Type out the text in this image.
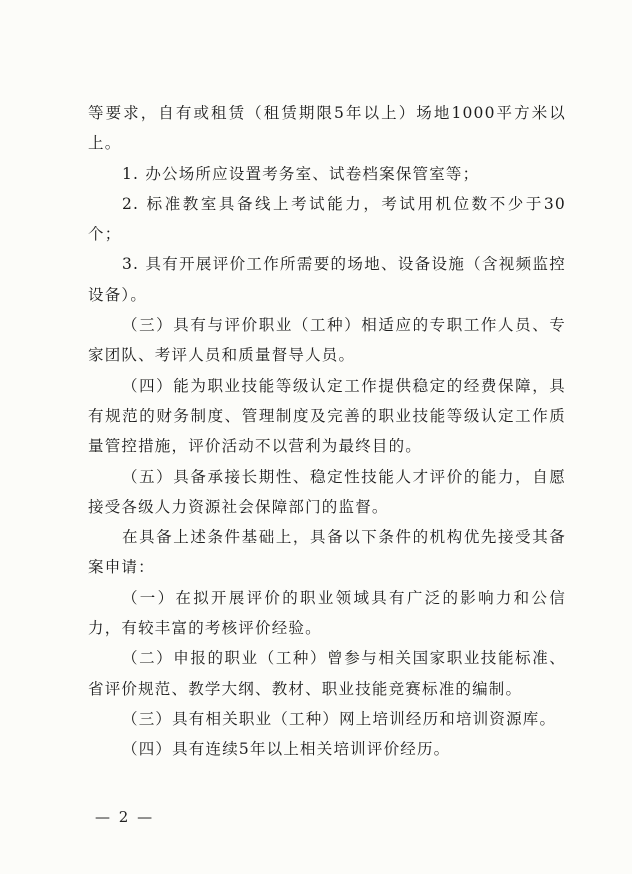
等要求，自有或租赁（租赁期限5年以上）场地1000平方米以上。

1. 办公场所应设置考务室、试卷档案保管室等；

2. 标准教室具备线上考试能力，考试用机位数不少于30个；

3. 具有开展评价工作所需要的场地、设备设施（含视频监控设备）。

（三）具有与评价职业（工种）相适应的专职工作人员、专家团队、考评人员和质量督导人员。

（四）能为职业技能等级认定工作提供稳定的经费保障，具有规范的财务制度、管理制度及完善的职业技能等级认定工作质量管控措施，评价活动不以营利为最终目的。

（五）具备承接长期性、稳定性技能人才评价的能力，自愿接受各级人力资源社会保障部门的监督。

在具备上述条件基础上，具备以下条件的机构优先接受其备案申请：

（一）在拟开展评价的职业领域具有广泛的影响力和公信力，有较丰富的考核评价经验。

（二）申报的职业（工种）曾参与相关国家职业技能标准、省评价规范、教学大纲、教材、职业技能竞赛标准的编制。

（三）具有相关职业（工种）网上培训经历和培训资源库。

（四）具有连续5年以上相关培训评价经历。

— 2 —
